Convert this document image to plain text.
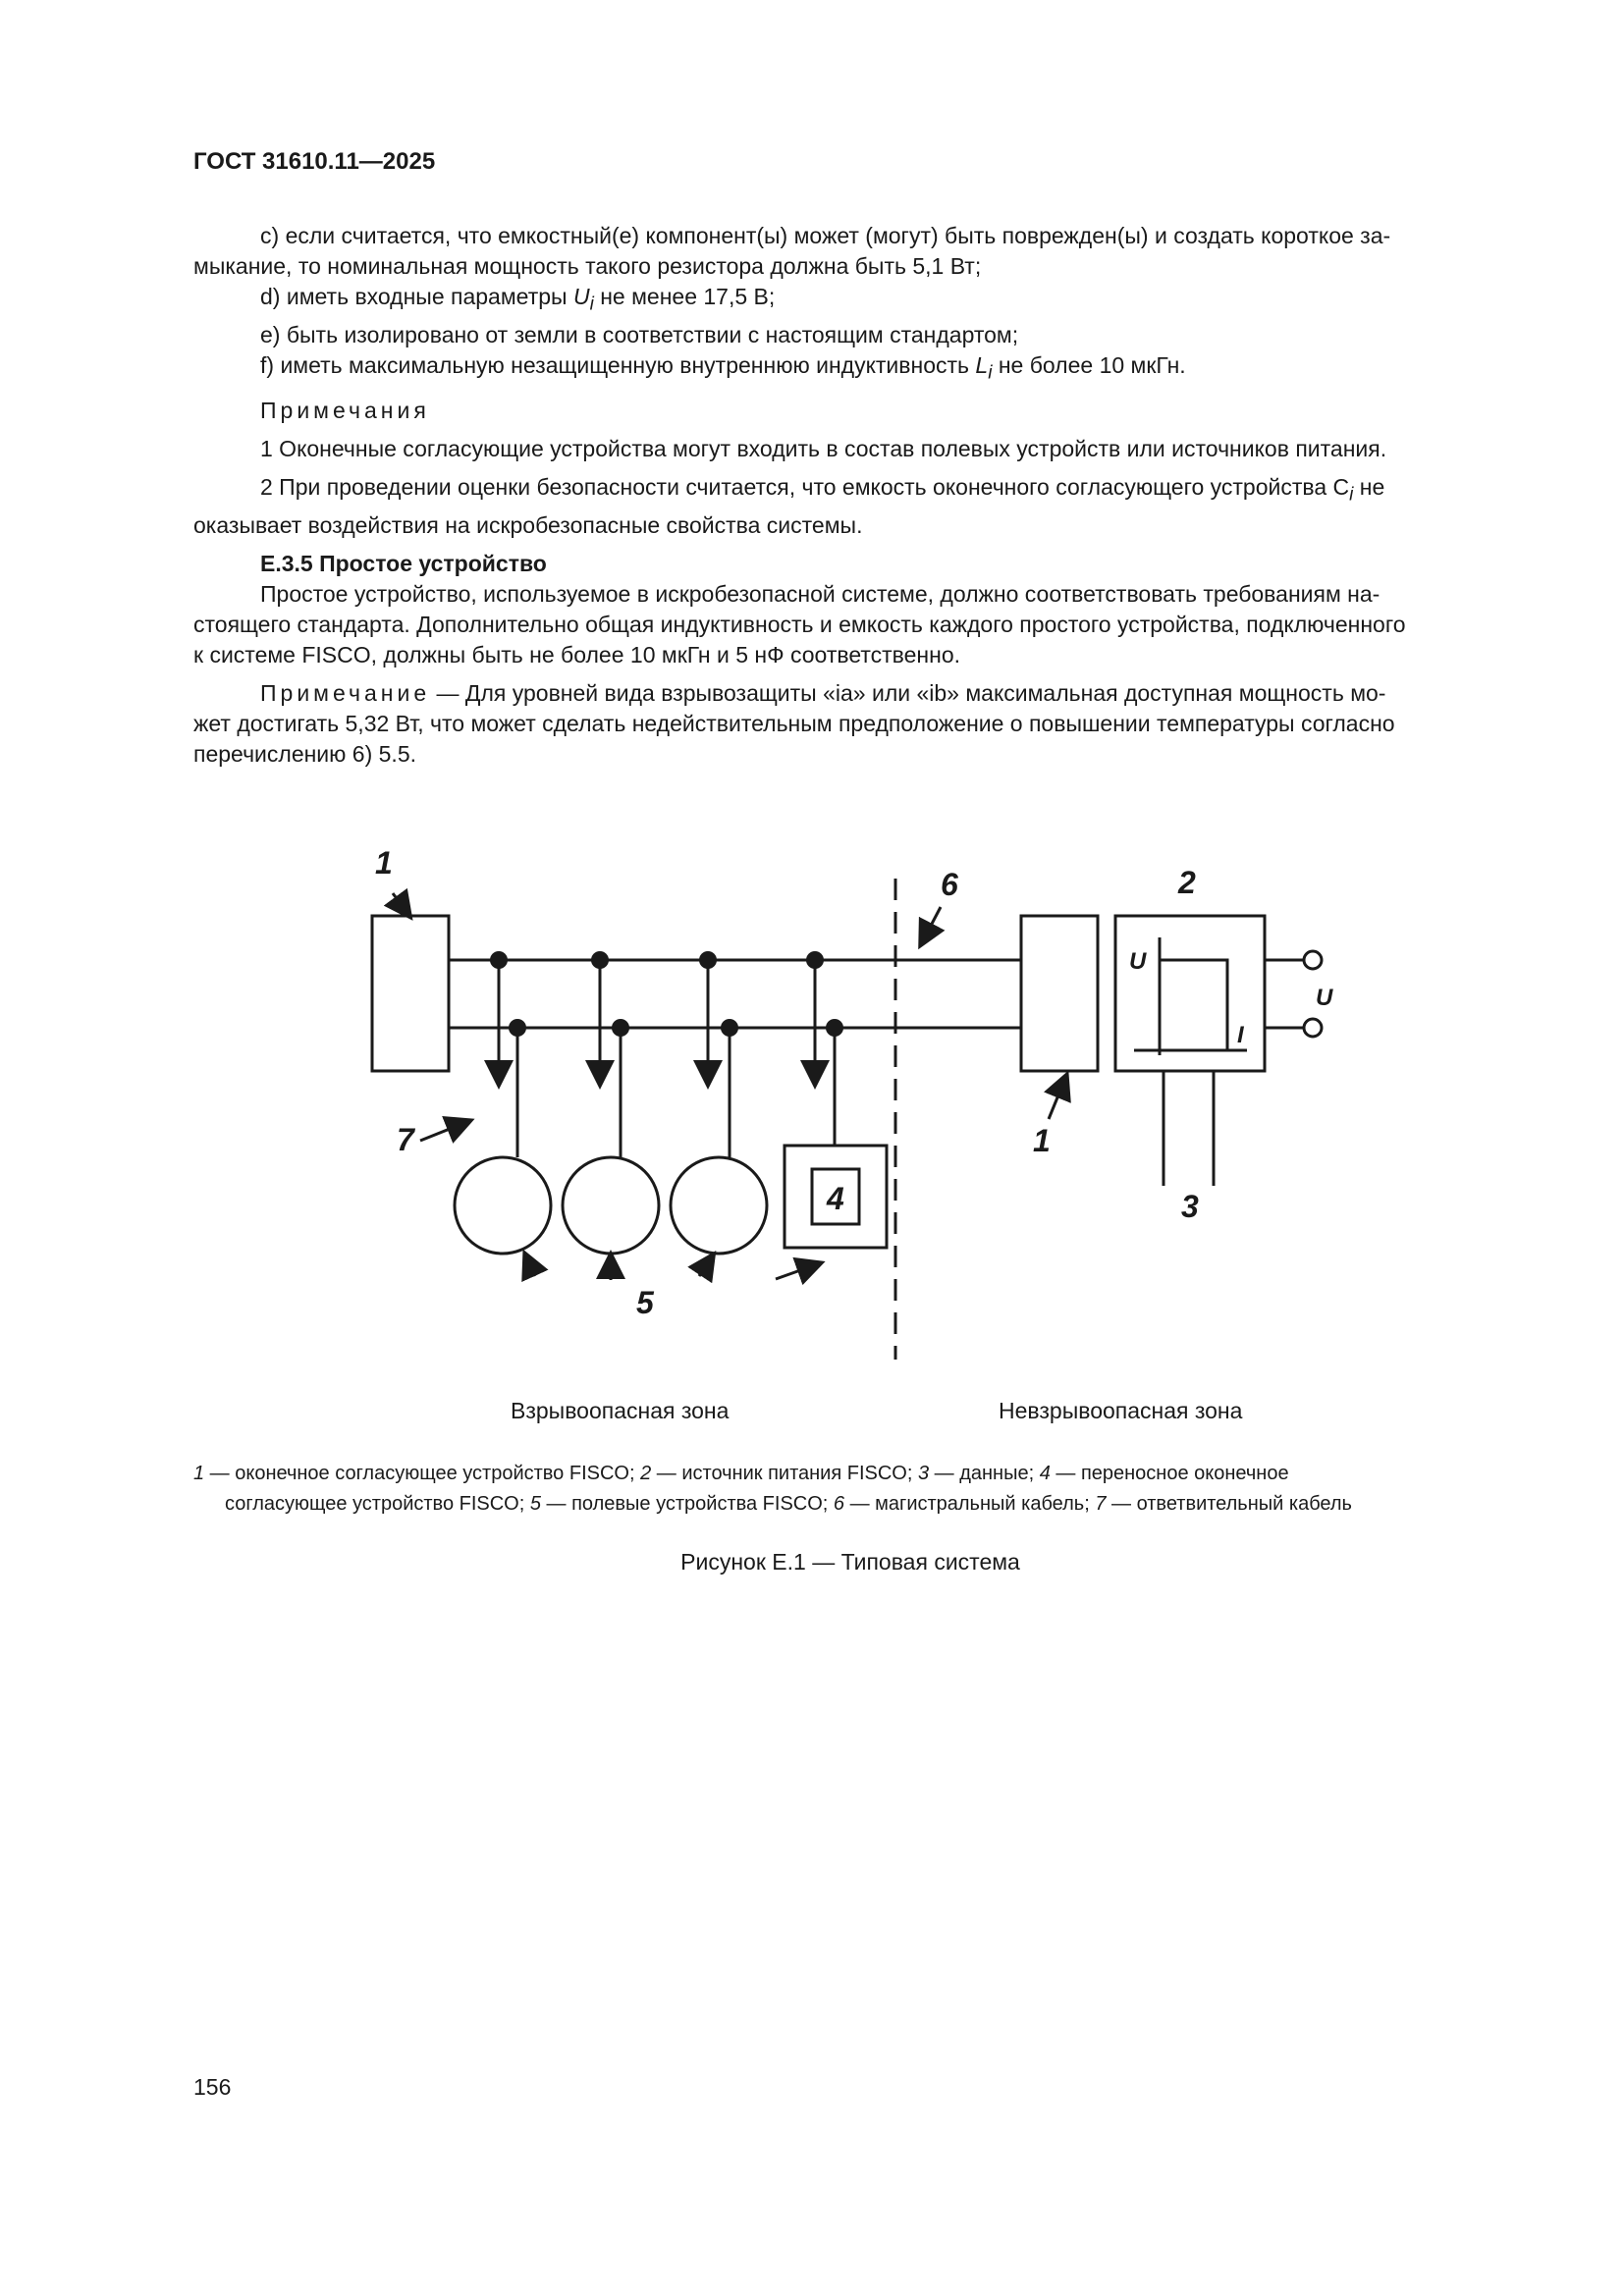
ГОСТ 31610.11—2025

c) если считается, что емкостный(е) компонент(ы) может (могут) быть поврежден(ы) и создать короткое за-

мыкание, то номинальная мощность такого резистора должна быть 5,1 Вт;

d) иметь входные параметры $U_i$ не менее 17,5 В;

e) быть изолировано от земли в соответствии с настоящим стандартом;

f) иметь максимальную незащищенную внутреннюю индуктивность $L_i$ не более 10 мкГн.

Примечания

1 Оконечные согласующие устройства могут входить в состав полевых устройств или источников питания.

2 При проведении оценки безопасности считается, что емкость оконечного согласующего устройства $C_i$ не

оказывает воздействия на искробезопасные свойства системы.

Е.3.5 Простое устройство

Простое устройство, используемое в искробезопасной системе, должно соответствовать требованиям на-

стоящего стандарта. Дополнительно общая индуктивность и емкость каждого простого устройства, подключенного

к системе FISCO, должны быть не более 10 мкГн и 5 нФ соответственно.

Примечание — Для уровней вида взрывозащиты «ia» или «ib» максимальная доступная мощность мо-

жет достигать 5,32 Вт, что может сделать недействительным предположение о повышении температуры согласно

перечислению 6) 5.5.

1
6	2
1
3
7
4
5
U
I
U
Взрывоопасная зона	Невзрывоопасная зона
1 — оконечное согласующее устройство FISCO; 2 — источник питания FISCO; 3 — данные; 4 — переносное оконечное
согласующее устройство FISCO; 5 — полевые устройства FISCO; 6 — магистральный кабель; 7 — ответвительный кабель
Рисунок Е.1 — Типовая система
156
